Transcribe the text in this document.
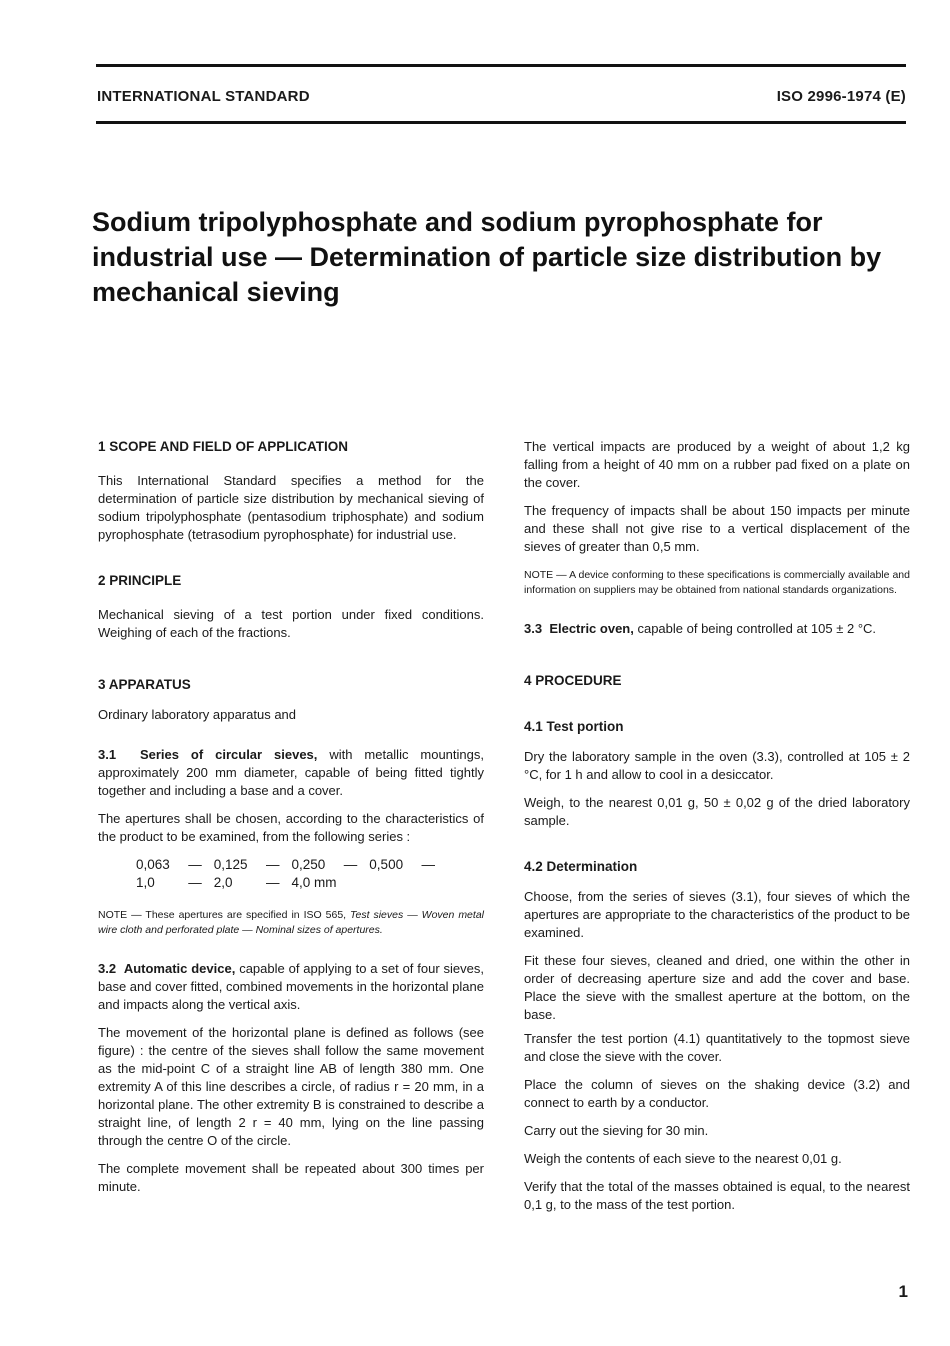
INTERNATIONAL STANDARD	ISO 2996-1974 (E)
Sodium tripolyphosphate and sodium pyrophosphate for industrial use — Determination of particle size distribution by mechanical sieving

1 SCOPE AND FIELD OF APPLICATION

This International Standard specifies a method for the determination of particle size distribution by mechanical sieving of sodium tripolyphosphate (pentasodium triphosphate) and sodium pyrophosphate (tetrasodium pyrophosphate) for industrial use.

2 PRINCIPLE

Mechanical sieving of a test portion under fixed conditions. Weighing of each of the fractions.

3 APPARATUS

Ordinary laboratory apparatus and

3.1 Series of circular sieves, with metallic mountings, approximately 200 mm diameter, capable of being fitted tightly together and including a base and a cover.

The apertures shall be chosen, according to the characteristics of the product to be examined, from the following series :

0,063 — 0,125 — 0,250 — 0,500 —
1,0 — 2,0 — 4,0 mm

NOTE — These apertures are specified in ISO 565, Test sieves — Woven metal wire cloth and perforated plate — Nominal sizes of apertures.

3.2 Automatic device, capable of applying to a set of four sieves, base and cover fitted, combined movements in the horizontal plane and impacts along the vertical axis.

The movement of the horizontal plane is defined as follows (see figure) : the centre of the sieves shall follow the same movement as the mid-point C of a straight line AB of length 380 mm. One extremity A of this line describes a circle, of radius r = 20 mm, in a horizontal plane. The other extremity B is constrained to describe a straight line, of length 2 r = 40 mm, lying on the line passing through the centre O of the circle.

The complete movement shall be repeated about 300 times per minute.

The vertical impacts are produced by a weight of about 1,2 kg falling from a height of 40 mm on a rubber pad fixed on a plate on the cover.

The frequency of impacts shall be about 150 impacts per minute and these shall not give rise to a vertical displacement of the sieves of greater than 0,5 mm.

NOTE — A device conforming to these specifications is commercially available and information on suppliers may be obtained from national standards organizations.

3.3 Electric oven, capable of being controlled at 105 ± 2 °C.

4 PROCEDURE

4.1 Test portion

Dry the laboratory sample in the oven (3.3), controlled at 105 ± 2 °C, for 1 h and allow to cool in a desiccator.

Weigh, to the nearest 0,01 g, 50 ± 0,02 g of the dried laboratory sample.

4.2 Determination

Choose, from the series of sieves (3.1), four sieves of which the apertures are appropriate to the characteristics of the product to be examined.

Fit these four sieves, cleaned and dried, one within the other in order of decreasing aperture size and add the cover and base. Place the sieve with the smallest aperture at the bottom, on the base.

Transfer the test portion (4.1) quantitatively to the topmost sieve and close the sieve with the cover.

Place the column of sieves on the shaking device (3.2) and connect to earth by a conductor.

Carry out the sieving for 30 min.

Weigh the contents of each sieve to the nearest 0,01 g.

Verify that the total of the masses obtained is equal, to the nearest 0,1 g, to the mass of the test portion.

1
